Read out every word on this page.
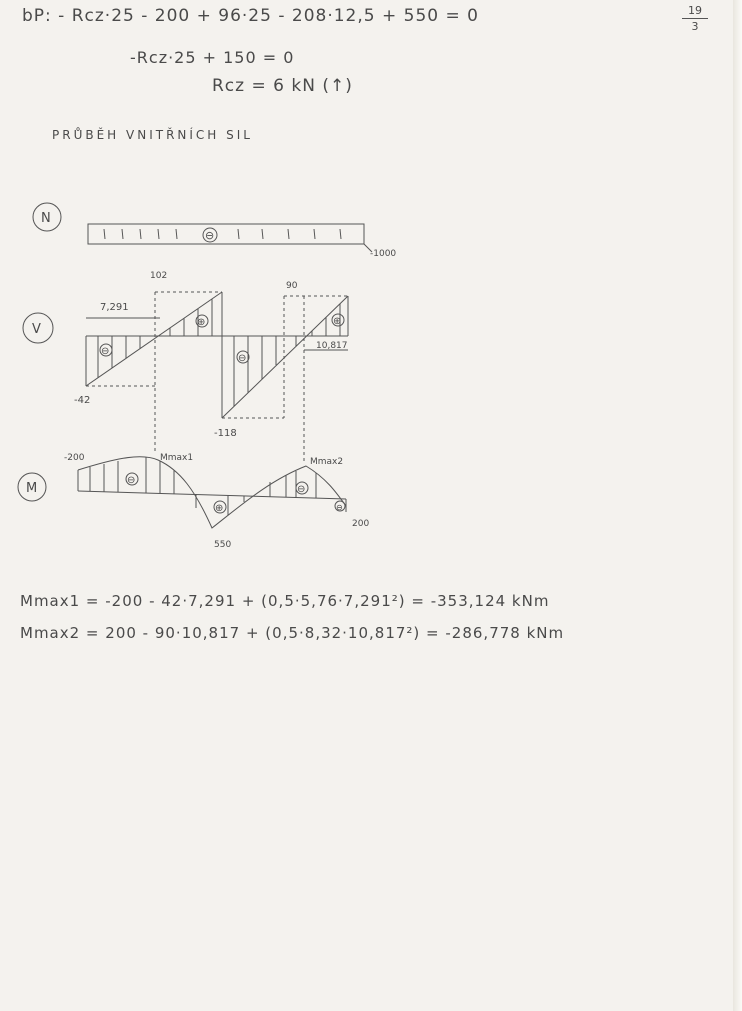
$\frac{19}{3}$
bP: - Rcz·25 - 200 + 96·25 - 208·12,5 + 550 = 0
-Rcz·25 + 150 = 0
Rcz = 6 kN (↑)
PRŮBĚH VNITŘNÍCH SIL
N
⊖
-1000
V
102
90
-42
-118
7,291
10,817
⊖
⊕
⊖
⊕
M
-200
550
200
Mmax1	Mmax2
⊖
⊕
⊖
⊖
Mmax1 = -200 - 42·7,291 + (0,5·5,76·7,291²) = -353,124 kNm
Mmax2 = 200 - 90·10,817 + (0,5·8,32·10,817²) = -286,778 kNm
